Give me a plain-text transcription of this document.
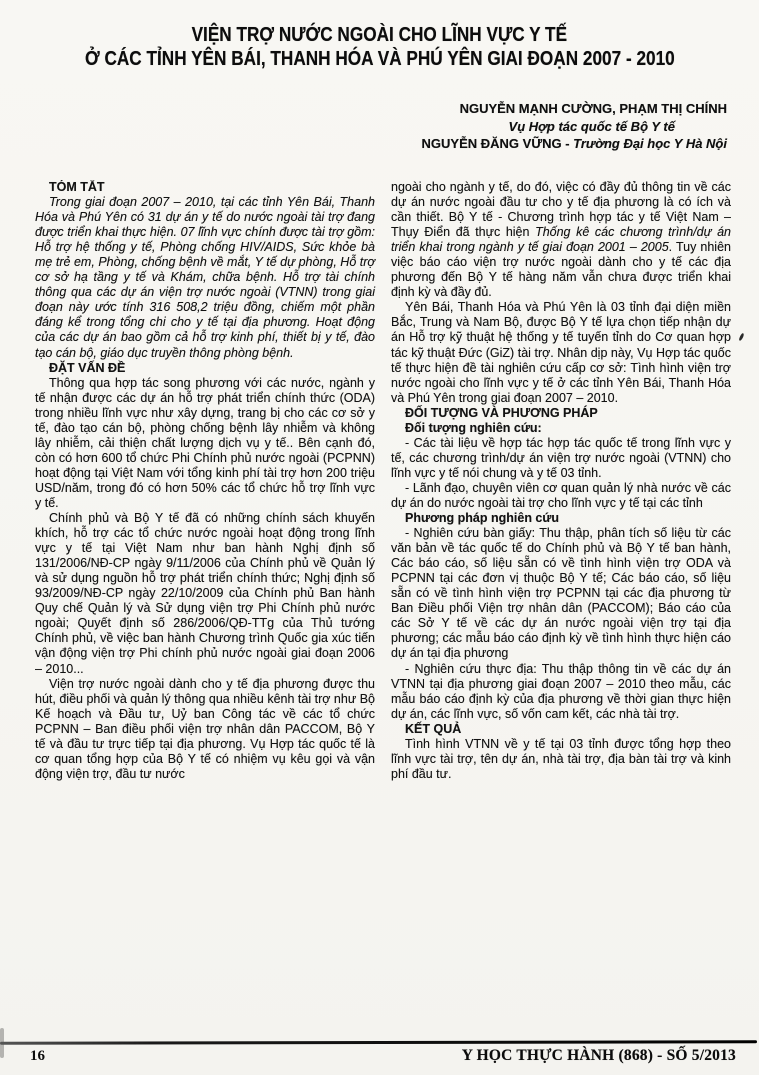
VIỆN TRỢ NƯỚC NGOÀI CHO LĨNH VỰC Y TẾ
Ở CÁC TỈNH YÊN BÁI, THANH HÓA VÀ PHÚ YÊN GIAI ĐOẠN 2007 - 2010
NGUYỄN MẠNH CƯỜNG, PHẠM THỊ CHÍNH
Vụ Hợp tác quốc tế Bộ Y tế
NGUYỄN ĐĂNG VỮNG - Trường Đại học Y Hà Nội

TÓM TẮT

Trong giai đoạn 2007 – 2010, tại các tỉnh Yên Bái, Thanh Hóa và Phú Yên có 31 dự án y tế do nước ngoài tài trợ đang được triển khai thực hiện. 07 lĩnh vực chính được tài trợ gồm: Hỗ trợ hệ thống y tế, Phòng chống HIV/AIDS, Sức khỏe bà mẹ trẻ em, Phòng, chống bệnh về mắt, Y tế dự phòng, Hỗ trợ cơ sở hạ tầng y tế và Khám, chữa bệnh. Hỗ trợ tài chính thông qua các dự án viện trợ nước ngoài (VTNN) trong giai đoạn này ước tính 316 508,2 triệu đồng, chiếm một phần đáng kể trong tổng chi cho y tế tại địa phương. Hoạt động của các dự án bao gồm cả hỗ trợ kinh phí, thiết bị y tế, đào tạo cán bộ, giáo dục truyền thông phòng bệnh.

ĐẶT VẤN ĐỀ

Thông qua hợp tác song phương với các nước, ngành y tế nhận được các dự án hỗ trợ phát triển chính thức (ODA) trong nhiều lĩnh vực như xây dựng, trang bị cho các cơ sở y tế, đào tạo cán bộ, phòng chống bệnh lây nhiễm và không lây nhiễm, cải thiện chất lượng dịch vụ y tế.. Bên cạnh đó, còn có hơn 600 tổ chức Phi Chính phủ nước ngoài (PCPNN) hoạt động tại Việt Nam với tổng kinh phí tài trợ hơn 200 triệu USD/năm, trong đó có hơn 50% các tổ chức hỗ trợ lĩnh vực y tế.

Chính phủ và Bộ Y tế đã có những chính sách khuyến khích, hỗ trợ các tổ chức nước ngoài hoạt động trong lĩnh vực y tế tại Việt Nam như ban hành Nghị định số 131/2006/NĐ-CP ngày 9/11/2006 của Chính phủ về Quản lý và sử dụng nguồn hỗ trợ phát triển chính thức; Nghị định số 93/2009/NĐ-CP ngày 22/10/2009 của Chính phủ Ban hành Quy chế Quản lý và Sử dụng viện trợ Phi Chính phủ nước ngoài; Quyết định số 286/2006/QĐ-TTg của Thủ tướng Chính phủ, về việc ban hành Chương trình Quốc gia xúc tiến vận động viện trợ Phi chính phủ nước ngoài giai đoạn 2006 – 2010...

Viện trợ nước ngoài dành cho y tế địa phương được thu hút, điều phối và quản lý thông qua nhiều kênh tài trợ như Bộ Kế hoạch và Đầu tư, Uỷ ban Công tác về các tổ chức PCPNN – Ban điều phối viện trợ nhân dân PACCOM, Bộ Y tế và đầu tư trực tiếp tại địa phương. Vụ Hợp tác quốc tế là cơ quan tổng hợp của Bộ Y tế có nhiệm vụ kêu gọi và vận động viện trợ, đầu tư nước

ngoài cho ngành y tế, do đó, việc có đầy đủ thông tin về các dự án nước ngoài đầu tư cho y tế địa phương là có ích và cần thiết. Bộ Y tế - Chương trình hợp tác y tế Việt Nam – Thụy Điển đã thực hiện Thống kê các chương trình/dự án triển khai trong ngành y tế giai đoạn 2001 – 2005. Tuy nhiên việc báo cáo viện trợ nước ngoài dành cho y tế các địa phương đến Bộ Y tế hàng năm vẫn chưa được triển khai định kỳ và đầy đủ.

Yên Bái, Thanh Hóa và Phú Yên là 03 tỉnh đại diện miền Bắc, Trung và Nam Bộ, được Bộ Y tế lựa chọn tiếp nhận dự án Hỗ trợ kỹ thuật hệ thống y tế tuyến tỉnh do Cơ quan hợp tác kỹ thuật Đức (GiZ) tài trợ. Nhân dịp này, Vụ Hợp tác quốc tế thực hiện đề tài nghiên cứu cấp cơ sở: Tình hình viện trợ nước ngoài cho lĩnh vực y tế ở các tỉnh Yên Bái, Thanh Hóa và Phú Yên trong giai đoạn 2007 – 2010.

ĐỐI TƯỢNG VÀ PHƯƠNG PHÁP

Đối tượng nghiên cứu:

- Các tài liệu về hợp tác hợp tác quốc tế trong lĩnh vực y tế, các chương trình/dự án viện trợ nước ngoài (VTNN) cho lĩnh vực y tế nói chung và y tế 03 tỉnh.

- Lãnh đạo, chuyên viên cơ quan quản lý nhà nước về các dự án do nước ngoài tài trợ cho lĩnh vực y tế tại các tỉnh

Phương pháp nghiên cứu

- Nghiên cứu bàn giấy: Thu thập, phân tích số liệu từ các văn bản về tác quốc tế do Chính phủ và Bộ Y tế ban hành, Các báo cáo, số liệu sẵn có về tình hình viện trợ ODA và PCPNN tại các đơn vị thuộc Bộ Y tế; Các báo cáo, số liệu sẵn có về tình hình viện trợ PCPNN tại các địa phương từ Ban Điều phối Viện trợ nhân dân (PACCOM); Báo cáo của các Sở Y tế về các dự án nước ngoài viện trợ tại địa phương; các mẫu báo cáo định kỳ về tình hình thực hiện cáo dự án tại địa phương

- Nghiên cứu thực địa: Thu thập thông tin về các dự án VTNN tại địa phương giai đoạn 2007 – 2010 theo mẫu, các mẫu báo cáo định kỳ của địa phương về thời gian thực hiện dự án, các lĩnh vực, số vốn cam kết, các nhà tài trợ.

KẾT QUẢ

Tình hình VTNN về y tế tại 03 tỉnh được tổng hợp theo lĩnh vực tài trợ, tên dự án, nhà tài trợ, địa bàn tài trợ và kinh phí đầu tư.

16	Y HỌC THỰC HÀNH (868) - SỐ 5/2013
